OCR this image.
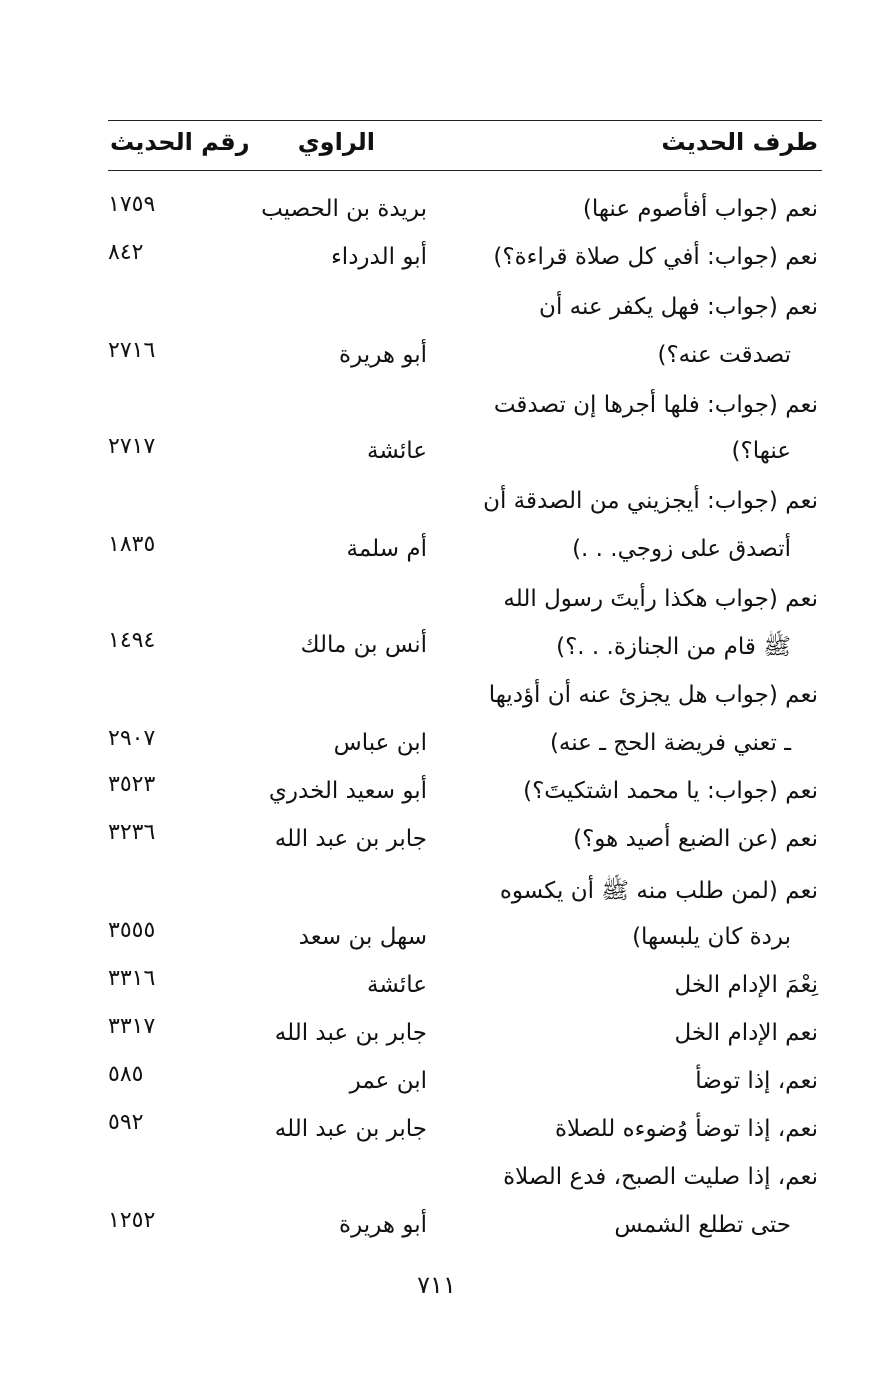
طرف الحديث
الراوي
رقم الحديث
نعم (جواب أفأصوم عنها)
بريدة بن الحصيب
١٧٥٩
نعم (جواب: أفي كل صلاة قراءة؟)
أبو الدرداء
٨٤٢
نعم (جواب: فهل يكفر عنه أن
تصدقت عنه؟)
أبو هريرة
٢٧١٦
نعم (جواب: فلها أجرها إن تصدقت
عنها؟)
عائشة
٢٧١٧
نعم (جواب: أيجزيني من الصدقة أن
أتصدق على زوجي. . .)
أم سلمة
١٨٣٥
نعم (جواب هكذا رأيتَ رسول الله
ﷺ قام من الجنازة. . .؟)
أنس بن مالك
١٤٩٤
نعم (جواب هل يجزئ عنه أن أؤديها
ـ تعني فريضة الحج ـ عنه)
ابن عباس
٢٩٠٧
نعم (جواب: يا محمد اشتكيتَ؟)
أبو سعيد الخدري
٣٥٢٣
نعم (عن الضبع أصيد هو؟)
جابر بن عبد الله
٣٢٣٦
نعم (لمن طلب منه ﷺ أن يكسوه
بردة كان يلبسها)
سهل بن سعد
٣٥٥٥
نِعْمَ الإدام الخل
عائشة
٣٣١٦
نعم الإدام الخل
جابر بن عبد الله
٣٣١٧
نعم، إذا توضأ
ابن عمر
٥٨٥
نعم، إذا توضأ وُضوءه للصلاة
جابر بن عبد الله
٥٩٢
نعم، إذا صليت الصبح، فدع الصلاة
حتى تطلع الشمس
أبو هريرة
١٢٥٢
٧١١
